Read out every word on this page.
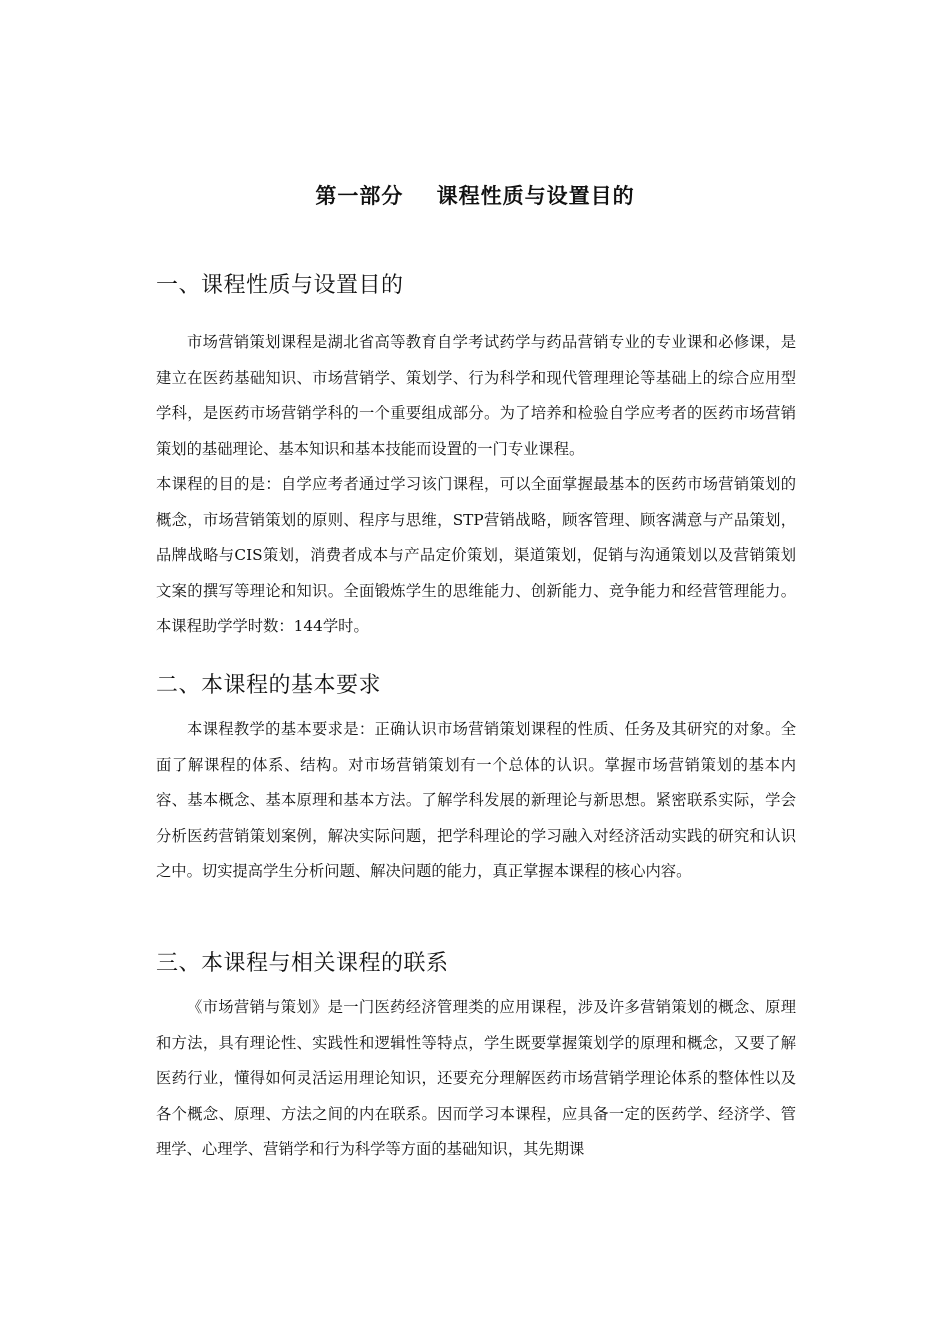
第一部分    课程性质与设置目的
一、课程性质与设置目的
市场营销策划课程是湖北省高等教育自学考试药学与药品营销专业的专业课和必修课，是建立在医药基础知识、市场营销学、策划学、行为科学和现代管理理论等基础上的综合应用型学科，是医药市场营销学科的一个重要组成部分。为了培养和检验自学应考者的医药市场营销策划的基础理论、基本知识和基本技能而设置的一门专业课程。
本课程的目的是：自学应考者通过学习该门课程，可以全面掌握最基本的医药市场营销策划的概念，市场营销策划的原则、程序与思维，STP营销战略，顾客管理、顾客满意与产品策划，品牌战略与CIS策划，消费者成本与产品定价策划，渠道策划，促销与沟通策划以及营销策划文案的撰写等理论和知识。全面锻炼学生的思维能力、创新能力、竞争能力和经营管理能力。本课程助学学时数：144学时。
二、本课程的基本要求
本课程教学的基本要求是：正确认识市场营销策划课程的性质、任务及其研究的对象。全面了解课程的体系、结构。对市场营销策划有一个总体的认识。掌握市场营销策划的基本内容、基本概念、基本原理和基本方法。了解学科发展的新理论与新思想。紧密联系实际，学会分析医药营销策划案例，解决实际问题，把学科理论的学习融入对经济活动实践的研究和认识之中。切实提高学生分析问题、解决问题的能力，真正掌握本课程的核心内容。
三、本课程与相关课程的联系
《市场营销与策划》是一门医药经济管理类的应用课程，涉及许多营销策划的概念、原理和方法，具有理论性、实践性和逻辑性等特点，学生既要掌握策划学的原理和概念，又要了解医药行业，懂得如何灵活运用理论知识，还要充分理解医药市场营销学理论体系的整体性以及各个概念、原理、方法之间的内在联系。因而学习本课程，应具备一定的医药学、经济学、管理学、心理学、营销学和行为科学等方面的基础知识，其先期课
